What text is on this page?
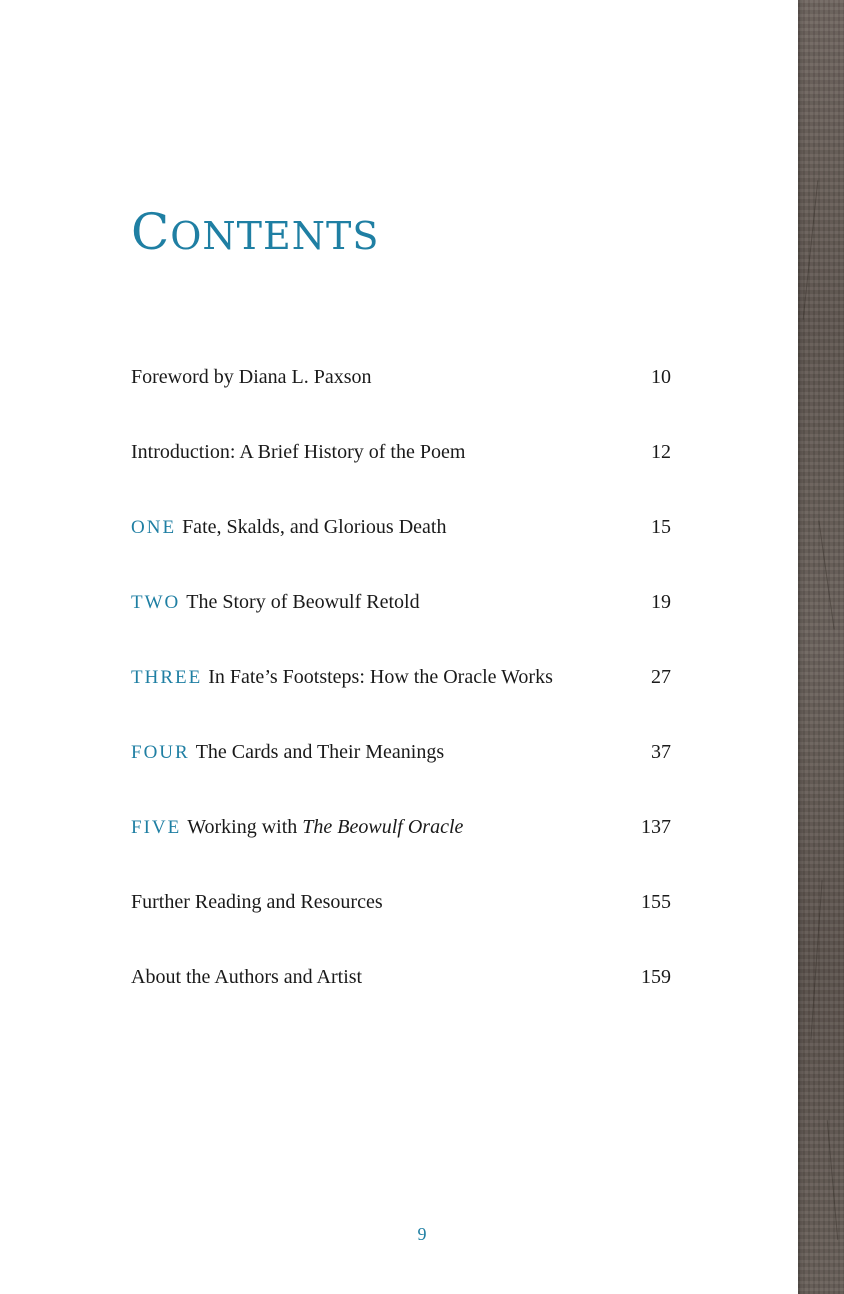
CONTENTS
Foreword by Diana L. Paxson	10
Introduction: A Brief History of the Poem	12
ONE Fate, Skalds, and Glorious Death	15
TWO The Story of Beowulf Retold	19
THREE In Fate’s Footsteps: How the Oracle Works	27
FOUR The Cards and Their Meanings	37
FIVE Working with The Beowulf Oracle	137
Further Reading and Resources	155
About the Authors and Artist	159
9
